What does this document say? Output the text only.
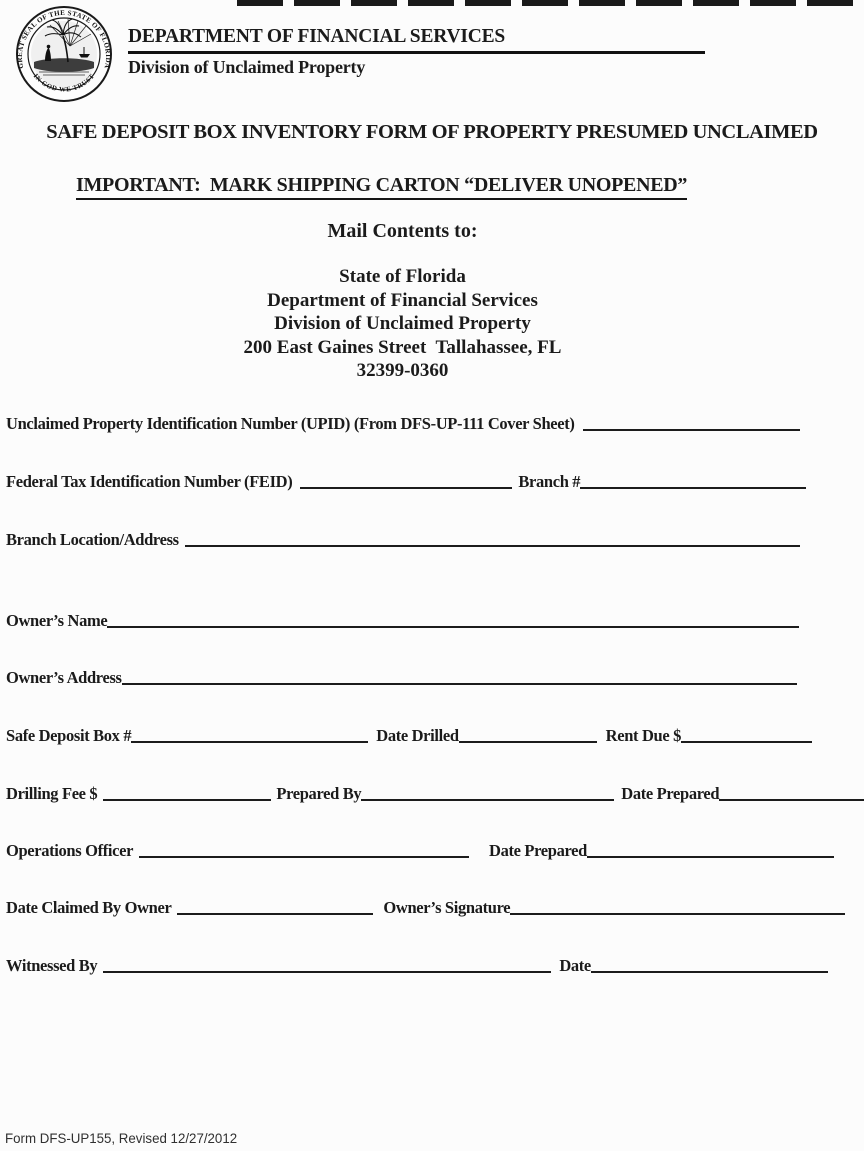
GREAT SEAL OF THE STATE OF FLORIDA
IN GOD WE TRUST
DEPARTMENT OF FINANCIAL SERVICES
Division of Unclaimed Property
SAFE DEPOSIT BOX INVENTORY FORM OF PROPERTY PRESUMED UNCLAIMED
IMPORTANT:  MARK SHIPPING CARTON “DELIVER UNOPENED”
Mail Contents to:
State of Florida
Department of Financial Services
Division of Unclaimed Property
200 East Gaines Street  Tallahassee, FL
32399-0360
Unclaimed Property Identification Number (UPID) (From DFS-UP-111 Cover Sheet)
Federal Tax Identification Number (FEID)	Branch #
Branch Location/Address
Owner’s Name
Owner’s Address
Safe Deposit Box #	Date Drilled	Rent Due $
Drilling Fee $	Prepared By	Date Prepared
Operations Officer	Date Prepared
Date Claimed By Owner	Owner’s Signature
Witnessed By	Date
Form DFS-UP155, Revised 12/27/2012
